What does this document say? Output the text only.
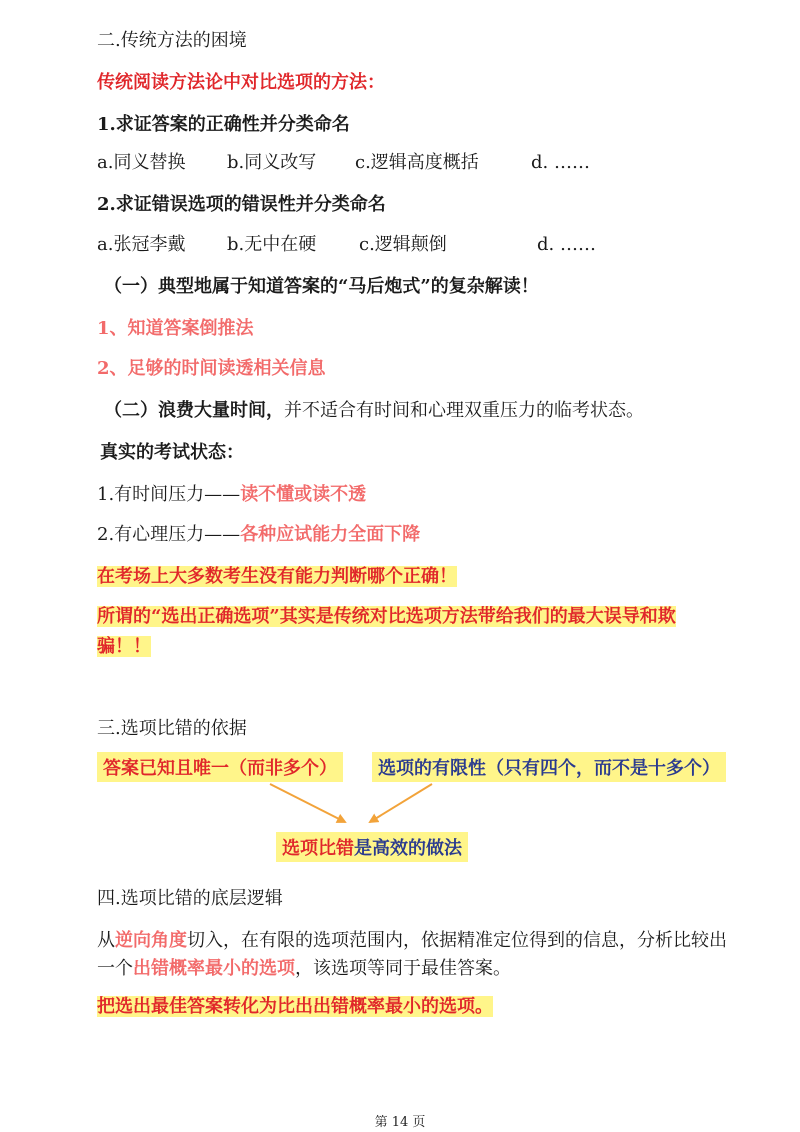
二.传统方法的困境
传统阅读方法论中对比选项的方法：
1.求证答案的正确性并分类命名
a.同义替换 b.同义改写 c.逻辑高度概括	d. ……
2.求证错误选项的错误性并分类命名
a.张冠李戴 b.无中在硬 c.逻辑颠倒	d. ……
（一）典型地属于知道答案的“马后炮式”的复杂解读！
1、知道答案倒推法
2、足够的时间读透相关信息
（二）浪费大量时间，并不适合有时间和心理双重压力的临考状态。
真实的考试状态：
1.有时间压力——读不懂或读不透
2.有心理压力——各种应试能力全面下降
在考场上大多数考生没有能力判断哪个正确！
所谓的“选出正确选项”其实是传统对比选项方法带给我们的最大误导和欺
骗！！
三.选项比错的依据
答案已知且唯一（而非多个）	选项的有限性（只有四个，而不是十多个）
选项比错是高效的做法
四.选项比错的底层逻辑
从逆向角度切入，在有限的选项范围内，依据精准定位得到的信息，分析比较出
一个出错概率最小的选项，该选项等同于最佳答案。
把选出最佳答案转化为比出出错概率最小的选项。
第 14 页
